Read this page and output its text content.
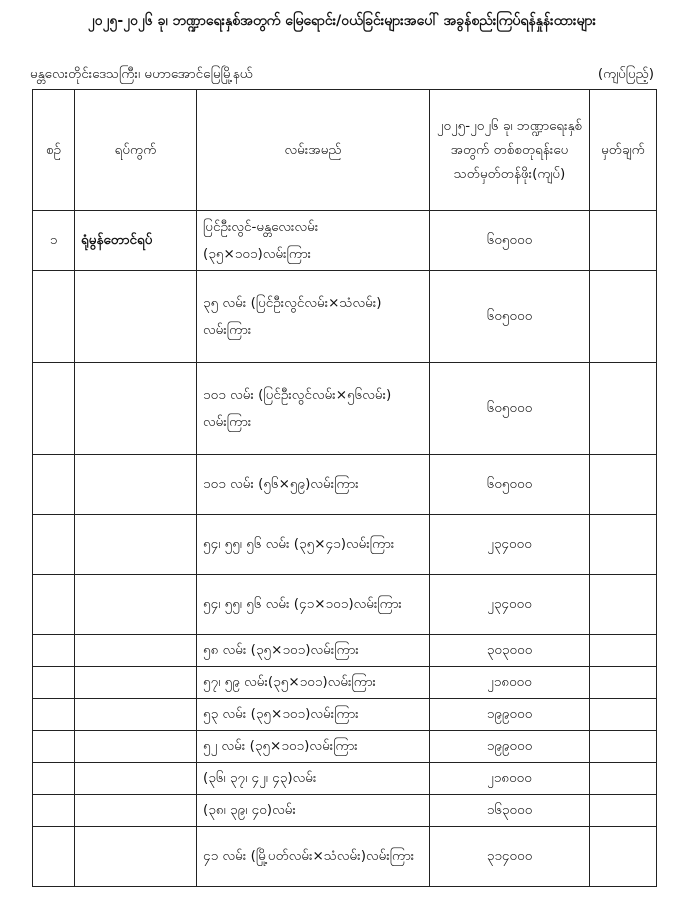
၂၀၂၅-၂၀၂၆ ခု၊ ဘဏ္ဍာရေးနှစ်အတွက် မြေရောင်း/ဝယ်ခြင်းများအပေါ် အခွန်စည်းကြပ်ရန်နှုန်းထားများ
မန္တလေးတိုင်းဒေသကြီး၊ မဟာအောင်မြေမြို့နယ်	(ကျပ်ပြည့်)
စဉ်	ရပ်ကွက်	လမ်းအမည်	၂၀၂၅-၂၀၂၆ ခု၊ ဘဏ္ဍာရေးနှစ်အတွက် တစ်စတုရန်းပေ သတ်မှတ်တန်ဖိုး(ကျပ်)	မှတ်ချက်
၁	ရုံမွန်တောင်ရပ်	ပြင်ဦးလွင်-မန္တလေးလမ်း (၃၅×၁၀၁)လမ်းကြား	၆၀၅၀၀၀	
		၃၅ လမ်း (ပြင်ဦးလွင်လမ်း×သံလမ်း) လမ်းကြား	၆၀၅၀၀၀	
		၁၀၁ လမ်း (ပြင်ဦးလွင်လမ်း×၅၆လမ်း) လမ်းကြား	၆၀၅၀၀၀	
		၁၀၁ လမ်း (၅၆×၅၉)လမ်းကြား	၆၀၅၀၀၀	
		၅၄၊ ၅၅၊ ၅၆ လမ်း (၃၅×၄၁)လမ်းကြား	၂၃၄၀၀၀	
		၅၄၊ ၅၅၊ ၅၆ လမ်း (၄၁×၁၀၁)လမ်းကြား	၂၃၄၀၀၀	
		၅၈ လမ်း (၃၅×၁၀၁)လမ်းကြား	၃၀၃၀၀၀	
		၅၇၊ ၅၉ လမ်း(၃၅×၁၀၁)လမ်းကြား	၂၁၈၀၀၀	
		၅၃ လမ်း (၃၅×၁၀၁)လမ်းကြား	၁၉၉၀၀၀	
		၅၂ လမ်း (၃၅×၁၀၁)လမ်းကြား	၁၉၉၀၀၀	
		(၃၆၊ ၃၇၊ ၄၂၊ ၄၃)လမ်း	၂၁၈၀၀၀	
		(၃၈၊ ၃၉၊ ၄၀)လမ်း	၁၆၃၀၀၀	
		၄၁ လမ်း (မြို့ပတ်လမ်း×သံလမ်း)လမ်းကြား	၃၁၄၀၀၀	
